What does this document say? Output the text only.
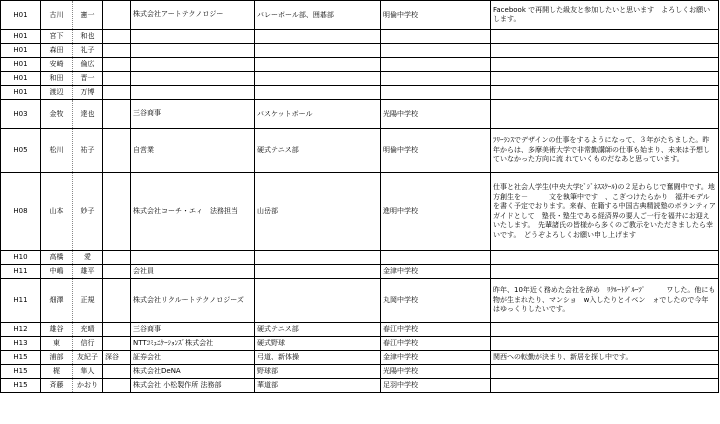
H01	古川	憲一		株式会社アートテクノロジー	バレーボール部、囲碁部	明倫中学校	Facebook で再開した級友と参加したいと思います　よろしくお願いします。
H01	宮下	和也					
H01	森田	礼子					
H01	安崎	倫広					
H01	和田	晋一					
H01	渡辺	万博					
H03	金牧	達也		三谷商事	バスケットボール	光陽中学校	
H05	松川	祐子		自営業	硬式テニス部	明倫中学校	ﾌﾘｰﾗﾝｽでデザインの仕事をするようになって、３年がたちました。昨年からは、多摩美術大学で非常勤講師の仕事も始まり、未来は予想していなかった方向に流 れていくものだなあと思っています。
H08	山本	妙子		株式会社コーチ・エィ　法務担当	山岳部	進明中学校	仕事と社会人学生(中央大学ﾋﾞｼﾞﾈｽｽｸｰﾙ)の２足わらじで奮闘中です。地方創生を－　　　文を執筆中です　、こぎつけたらかり　福井モデルを書く予定でおります。来春、在籍する中国古典精読塾のボランティアガイドとして　塾長・塾生である経済界の要人ご一行を福井にお迎えいたします。　先輩諸氏の皆様から多くのご教示をいただきましたら幸いです。　どうぞよろしくお願い申し上げます
H10	高橋	愛					
H11	中嶋	雄平		会社員		金津中学校	
H11	畑澤	正規		株式会社リクルートテクノロジーズ		丸岡中学校	昨年、10年近く務めた会社を辞め　ﾘｸﾙｰﾄｸﾞﾙｰﾌﾟ　　　ワした。他にも物が生まれたり、マンショ　w入したりとイベン　ォでしたので今年 はゆっくりしたいです。
H12	雄谷	充晴		三谷商事	硬式テニス部	春江中学校	
H13	東	信行		NTTｺﾐｭﾆｹｰｼｮﾝｽﾞ株式会社	硬式野球	春江中学校	
H15	浦部	友紀子	深谷	証券会社	弓道、新体操	金津中学校	関西への転勤が決まり、新居を探し中です。
H15	梶	隼人		株式会社DeNA	野球部	光陽中学校	
H15	斉藤	かおり		株式会社 小松製作所 法務部	華道部	足羽中学校	
